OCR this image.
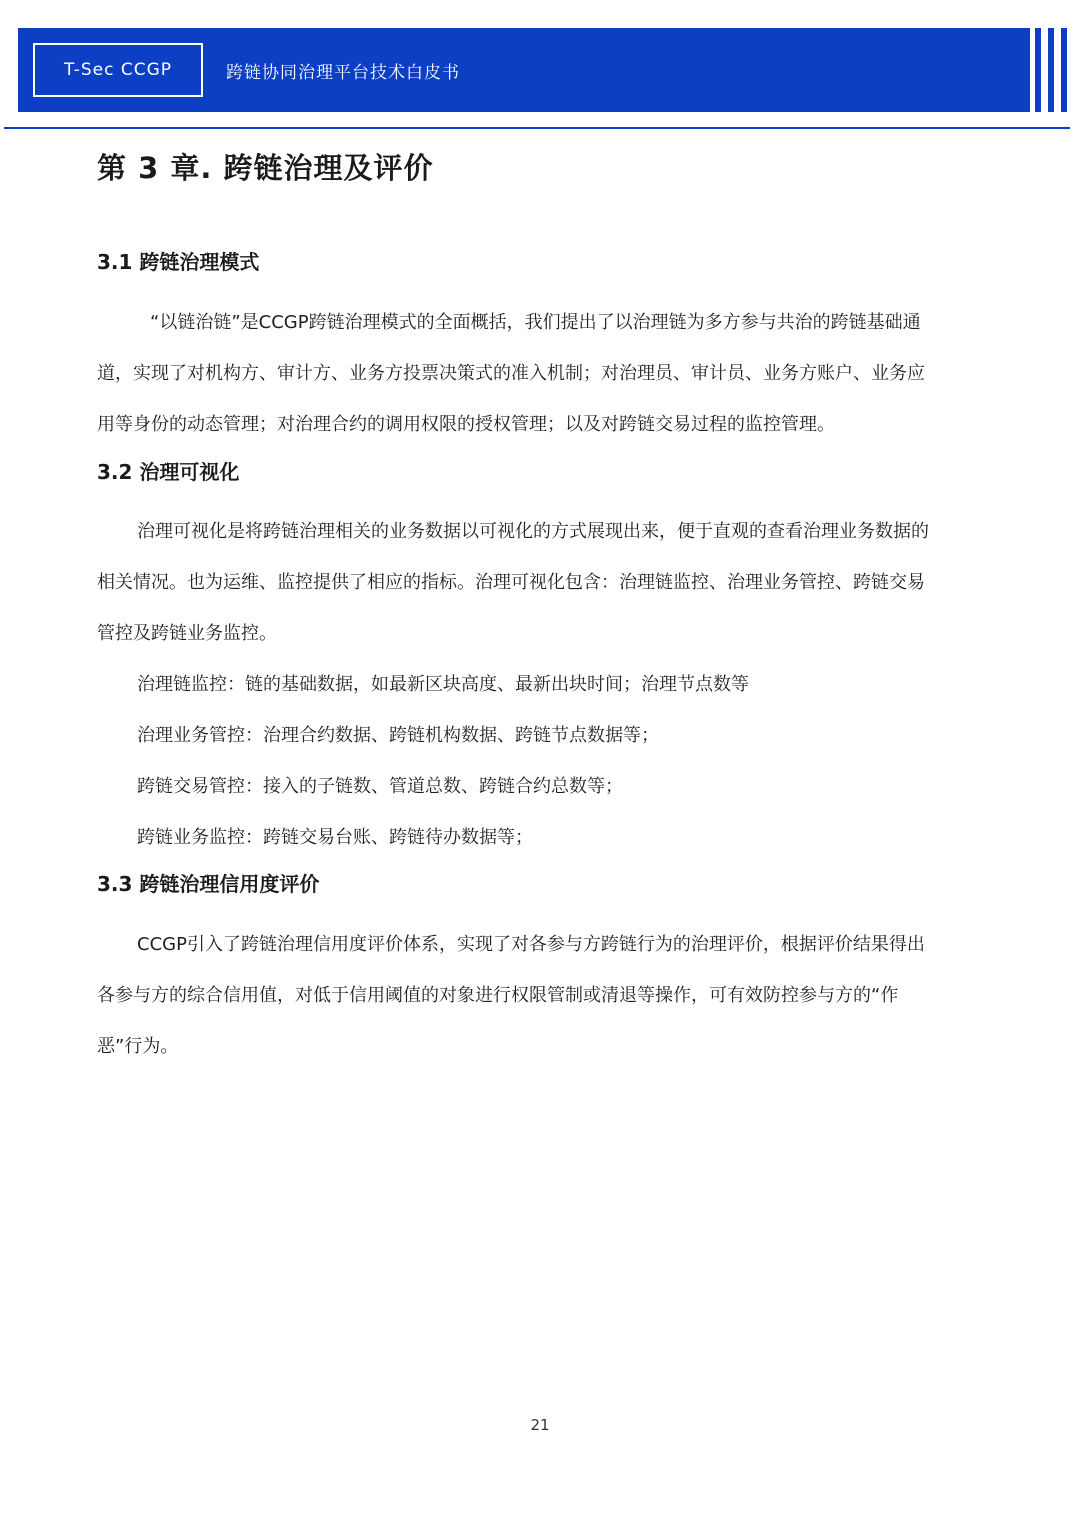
T-Sec CCGP	跨链协同治理平台技术白皮书
第 3 章. 跨链治理及评价
3.1 跨链治理模式

“以链治链”是CCGP跨链治理模式的全面概括，我们提出了以治理链为多方参与共治的跨链基础通

道，实现了对机构方、审计方、业务方投票决策式的准入机制；对治理员、审计员、业务方账户、业务应

用等身份的动态管理；对治理合约的调用权限的授权管理；以及对跨链交易过程的监控管理。

3.2 治理可视化

治理可视化是将跨链治理相关的业务数据以可视化的方式展现出来，便于直观的查看治理业务数据的

相关情况。也为运维、监控提供了相应的指标。治理可视化包含：治理链监控、治理业务管控、跨链交易

管控及跨链业务监控。

治理链监控：链的基础数据，如最新区块高度、最新出块时间；治理节点数等

治理业务管控：治理合约数据、跨链机构数据、跨链节点数据等；

跨链交易管控：接入的子链数、管道总数、跨链合约总数等；

跨链业务监控：跨链交易台账、跨链待办数据等；

3.3 跨链治理信用度评价

CCGP引入了跨链治理信用度评价体系，实现了对各参与方跨链行为的治理评价，根据评价结果得出

各参与方的综合信用值，对低于信用阈值的对象进行权限管制或清退等操作，可有效防控参与方的“作

恶”行为。

21
